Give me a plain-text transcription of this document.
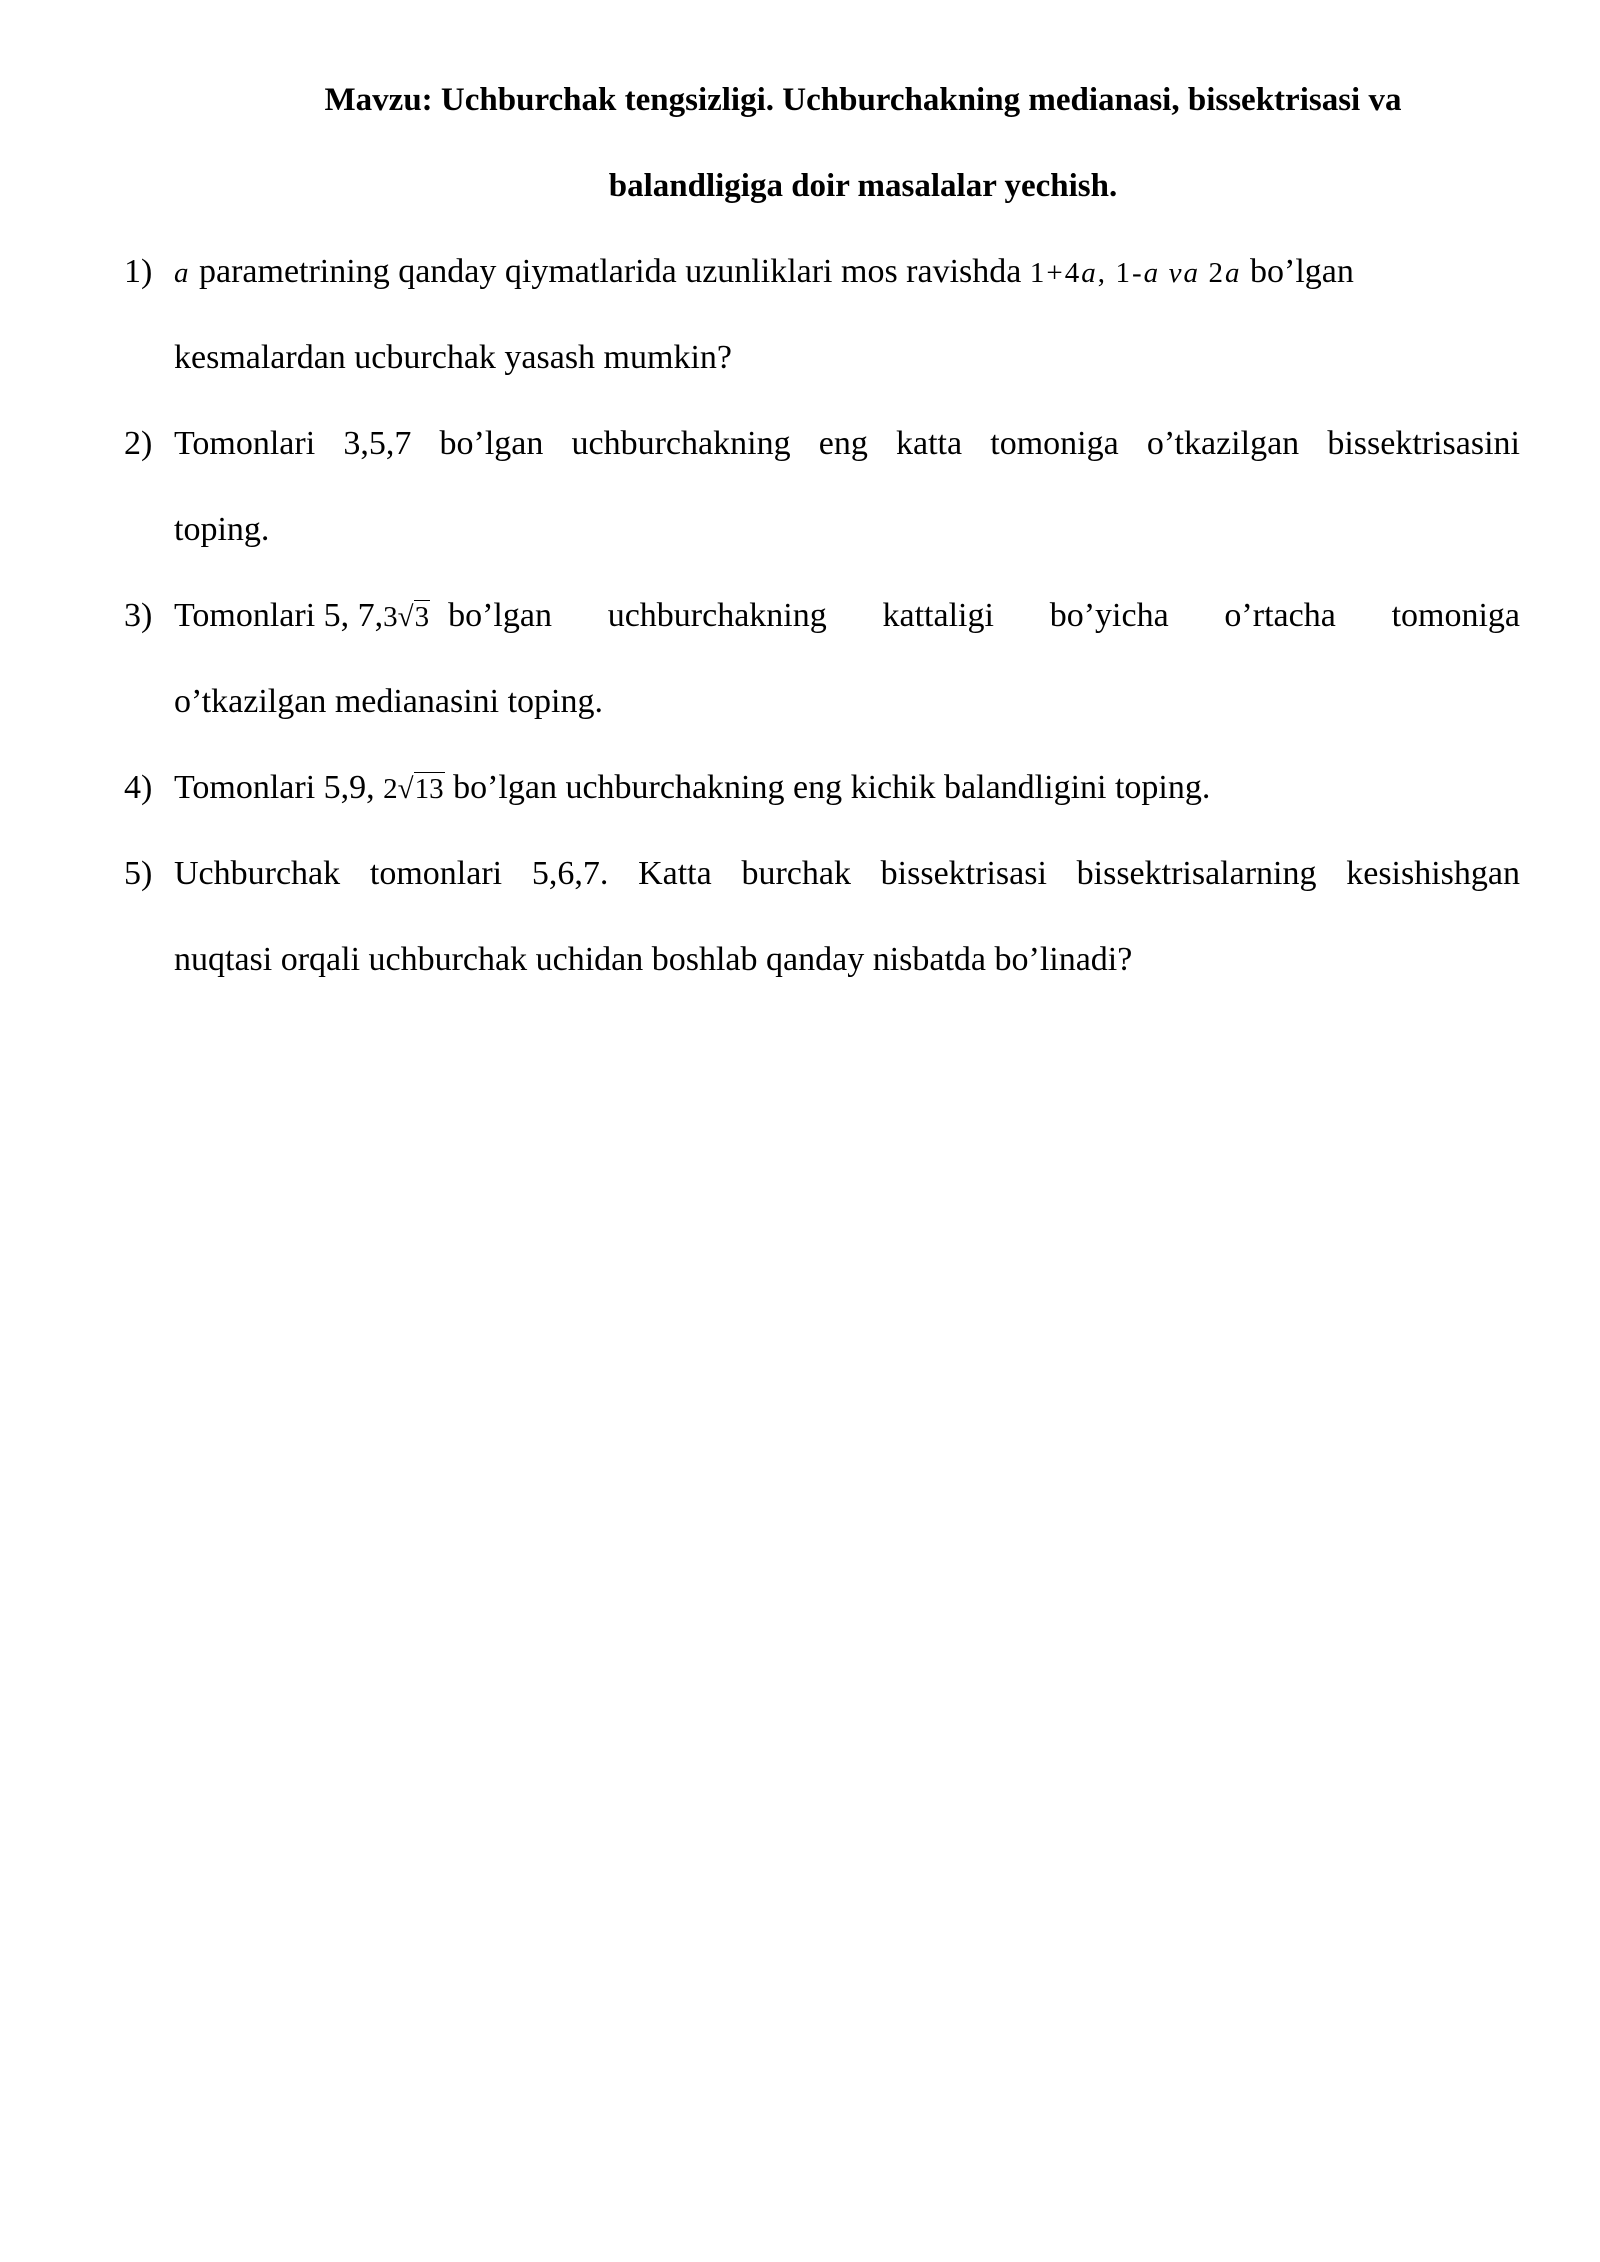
Mavzu: Uchburchak tengsizligi. Uchburchakning medianasi, bissektrisasi va
balandligiga doir masalalar yechish.
1) a parametrining qanday qiymatlarida uzunliklari mos ravishda 1+4a, 1-a va 2a bo’lgan
kesmalardan ucburchak yasash mumkin?
2) Tomonlari 3,5,7 bo’lgan uchburchakning eng katta tomoniga o’tkazilgan bissektrisasini
toping.
3) Tomonlari 5, 7, 3√3 bo’lgan uchburchakning kattaligi bo’yicha o’rtacha tomoniga
o’tkazilgan medianasini toping.
4) Tomonlari 5,9, 2√13 bo’lgan uchburchakning eng kichik balandligini toping.
5) Uchburchak tomonlari 5,6,7. Katta burchak bissektrisasi bissektrisalarning kesishishgan
nuqtasi orqali uchburchak uchidan boshlab qanday nisbatda bo’linadi?
